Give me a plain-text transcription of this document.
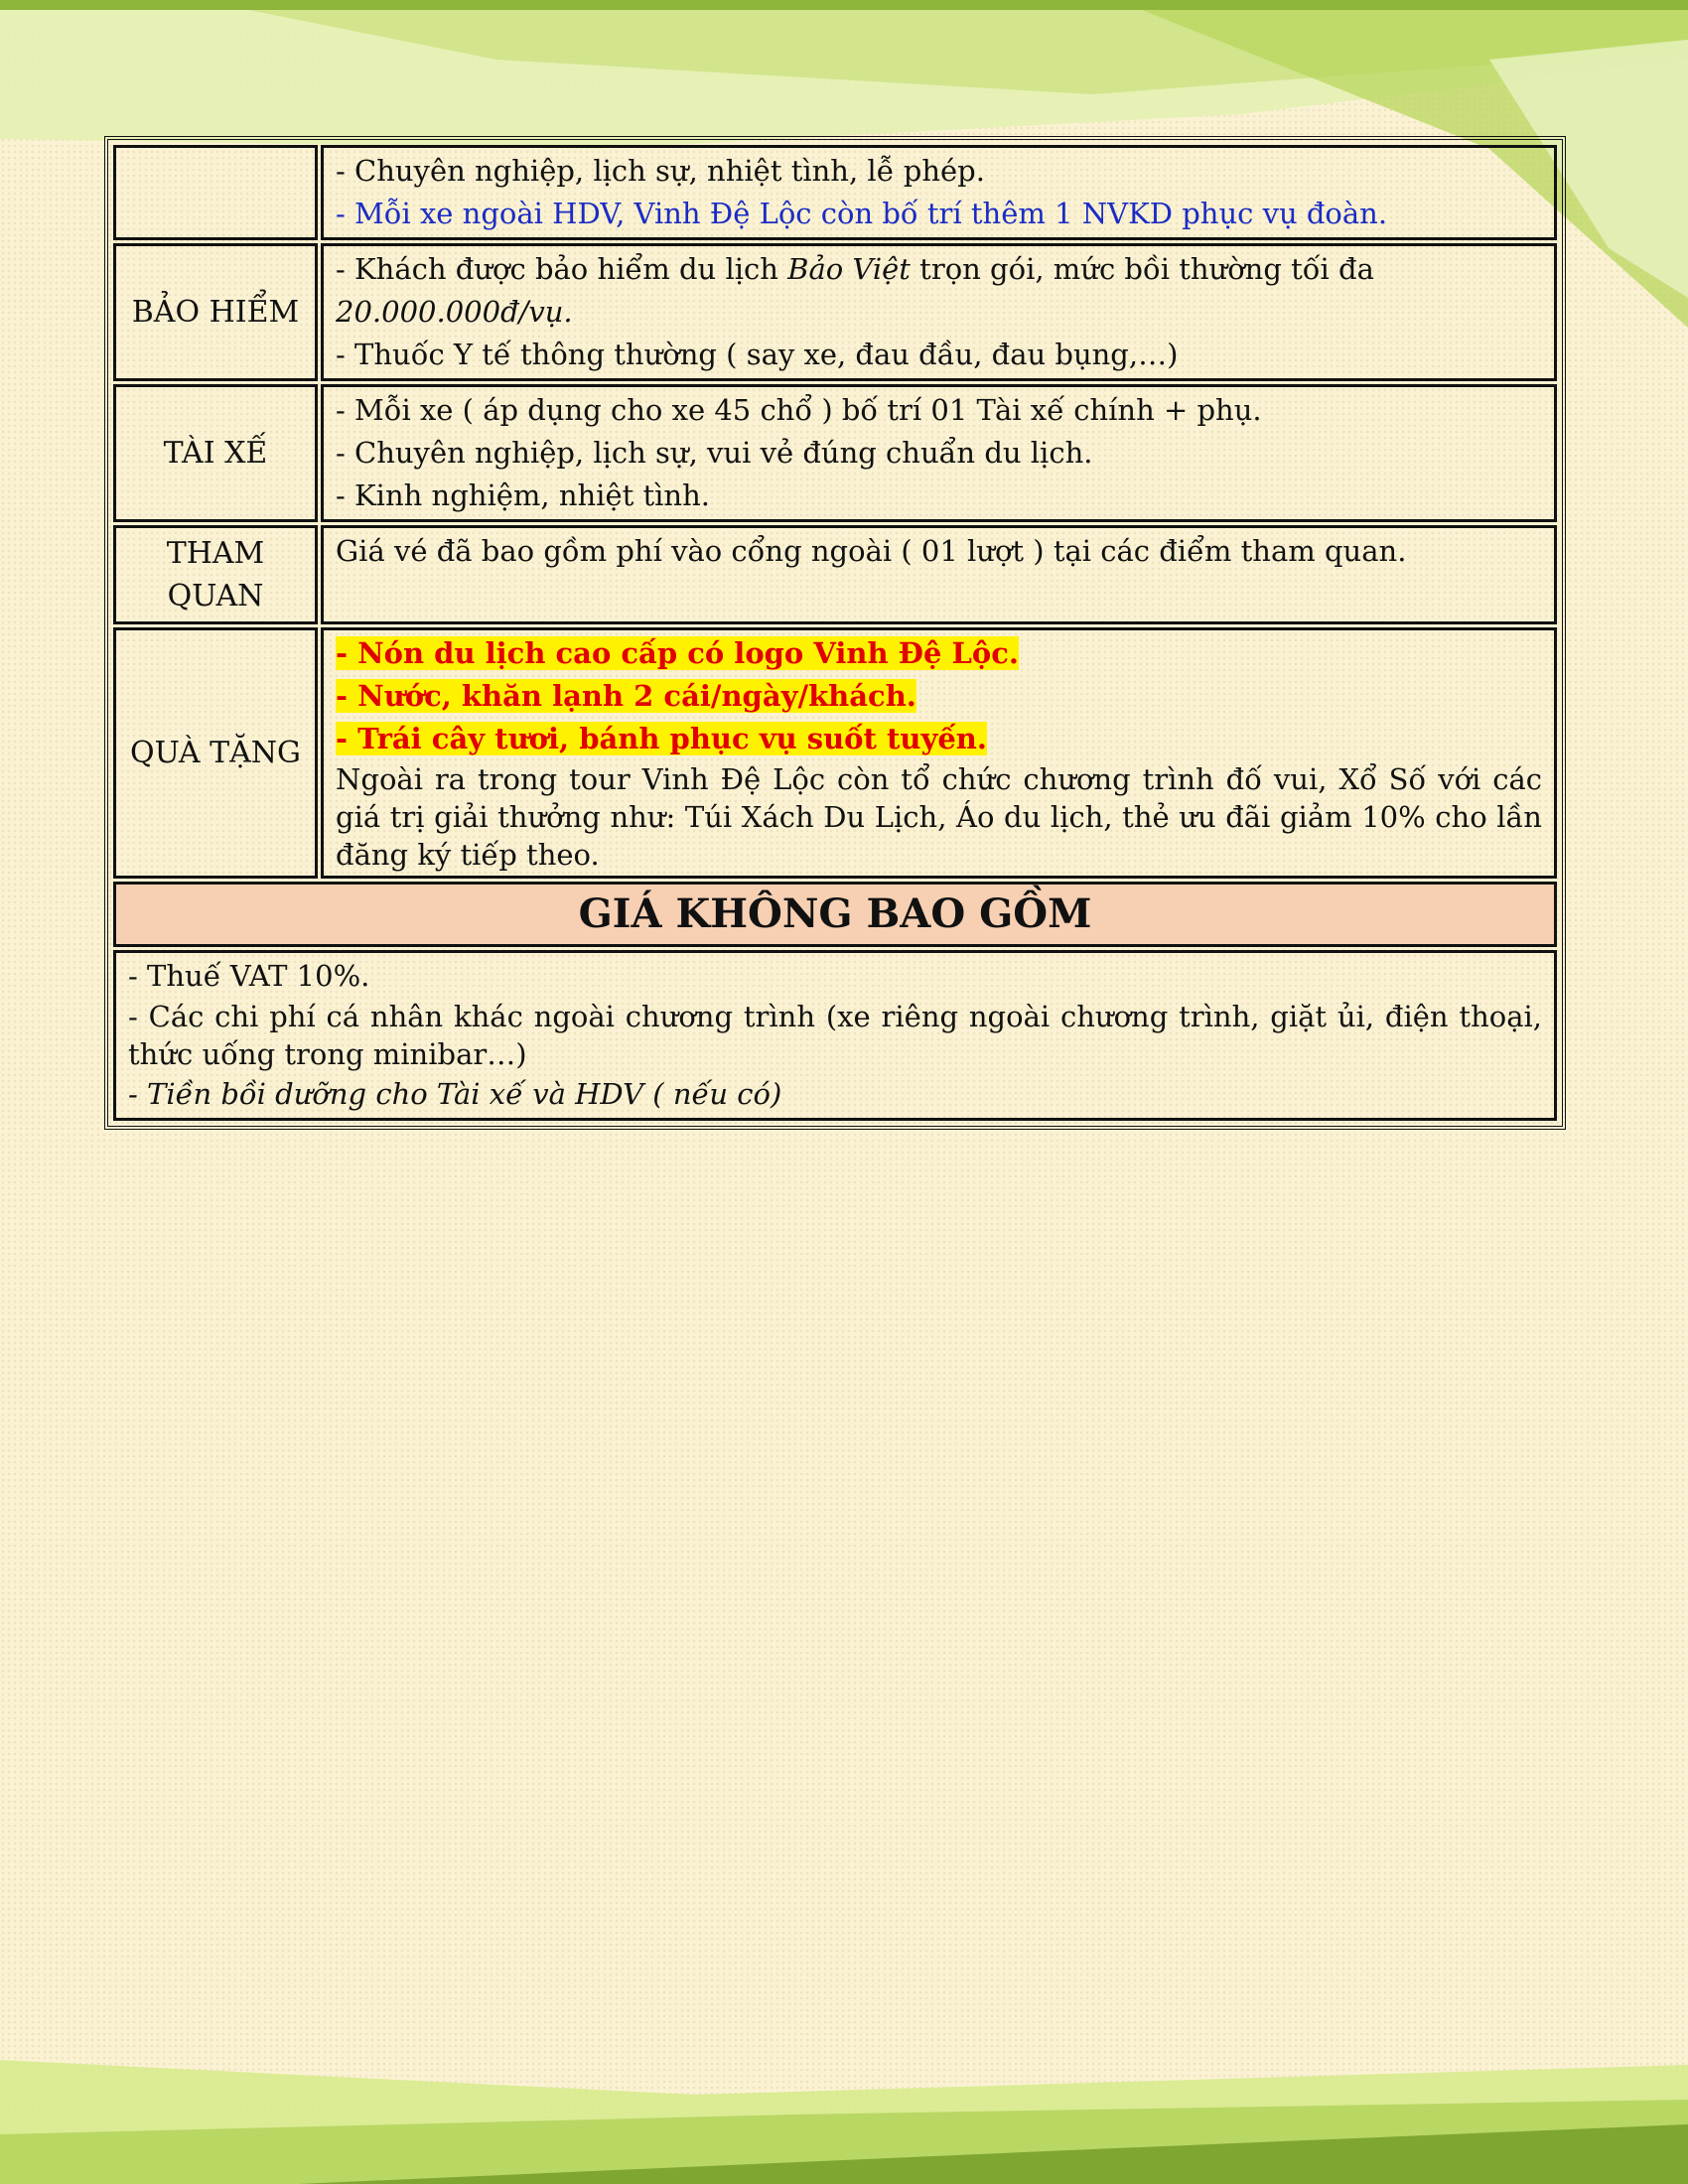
	- Chuyên nghiệp, lịch sự, nhiệt tình, lễ phép.

- Mỗi xe ngoài HDV, Vinh Đệ Lộc còn bố trí thêm 1 NVKD phục vụ đoàn.

BẢO HIỂM	- Khách được bảo hiểm du lịch Bảo Việt trọn gói, mức bồi thường tối đa 20.000.000đ/vụ.

- Thuốc Y tế thông thường ( say xe, đau đầu, đau bụng,…)

TÀI XẾ	- Mỗi xe ( áp dụng cho xe 45 chổ ) bố trí 01 Tài xế chính + phụ.

- Chuyên nghiệp, lịch sự, vui vẻ đúng chuẩn du lịch.

- Kinh nghiệm, nhiệt tình.

THAM QUAN	Giá vé đã bao gồm phí vào cổng ngoài ( 01 lượt ) tại các điểm tham quan.

QUÀ TẶNG	- Nón du lịch cao cấp có logo Vinh Đệ Lộc.

- Nước, khăn lạnh 2 cái/ngày/khách.

- Trái cây tươi, bánh phục vụ suốt tuyến.

Ngoài ra trong tour Vinh Đệ Lộc còn tổ chức chương trình đố vui, Xổ Số với các giá trị giải thưởng như: Túi Xách Du Lịch, Áo du lịch, thẻ ưu đãi giảm 10% cho lần đăng ký tiếp theo.

GIÁ KHÔNG BAO GỒM	

- Thuế VAT 10%.

- Các chi phí cá nhân khác ngoài chương trình (xe riêng ngoài chương trình, giặt ủi, điện thoại, thức uống trong minibar…)

- Tiền bồi dưỡng cho Tài xế và HDV ( nếu có)	
